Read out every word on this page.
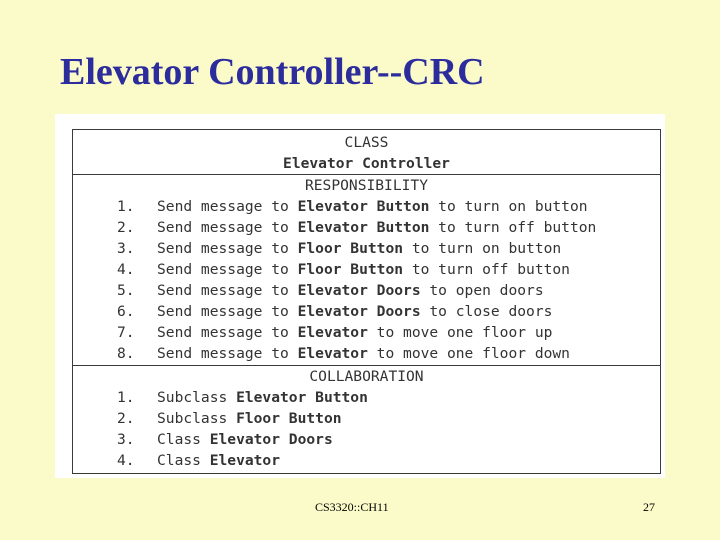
Elevator Controller--CRC
CLASS
Elevator Controller
RESPONSIBILITY
1. Send message to Elevator Button to turn on button
2. Send message to Elevator Button to turn off button
3. Send message to Floor Button to turn on button
4. Send message to Floor Button to turn off button
5. Send message to Elevator Doors to open doors
6. Send message to Elevator Doors to close doors
7. Send message to Elevator to move one floor up
8. Send message to Elevator to move one floor down
COLLABORATION
1. Subclass Elevator Button
2. Subclass Floor Button
3. Class Elevator Doors
4. Class Elevator
CS3320::CH11	27
